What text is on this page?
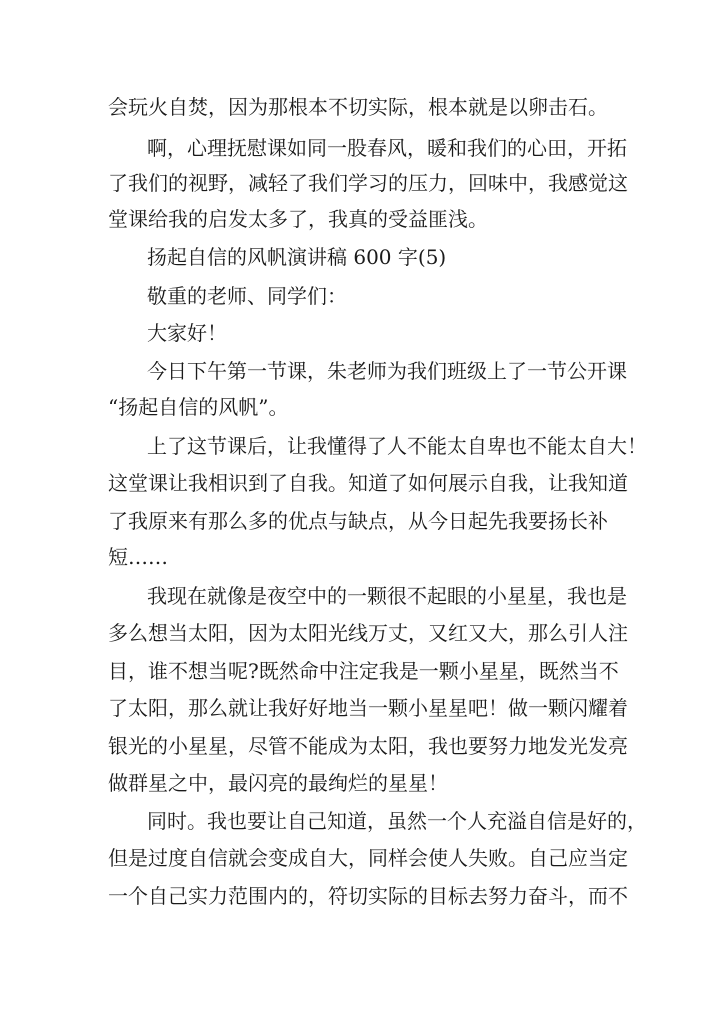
会玩火自焚，因为那根本不切实际，根本就是以卵击石。
啊，心理抚慰课如同一股春风，暖和我们的心田，开拓
了我们的视野，减轻了我们学习的压力，回味中，我感觉这
堂课给我的启发太多了，我真的受益匪浅。
扬起自信的风帆演讲稿 600 字(5)
敬重的老师、同学们：
大家好！
今日下午第一节课，朱老师为我们班级上了一节公开课
“扬起自信的风帆”。
上了这节课后，让我懂得了人不能太自卑也不能太自大！
这堂课让我相识到了自我。知道了如何展示自我，让我知道
了我原来有那么多的优点与缺点，从今日起先我要扬长补
短……
我现在就像是夜空中的一颗很不起眼的小星星，我也是
多么想当太阳，因为太阳光线万丈，又红又大，那么引人注
目，谁不想当呢?既然命中注定我是一颗小星星，既然当不
了太阳，那么就让我好好地当一颗小星星吧！做一颗闪耀着
银光的小星星，尽管不能成为太阳，我也要努力地发光发亮
做群星之中，最闪亮的最绚烂的星星！
同时。我也要让自己知道，虽然一个人充溢自信是好的，
但是过度自信就会变成自大，同样会使人失败。自己应当定
一个自己实力范围内的，符切实际的目标去努力奋斗，而不
